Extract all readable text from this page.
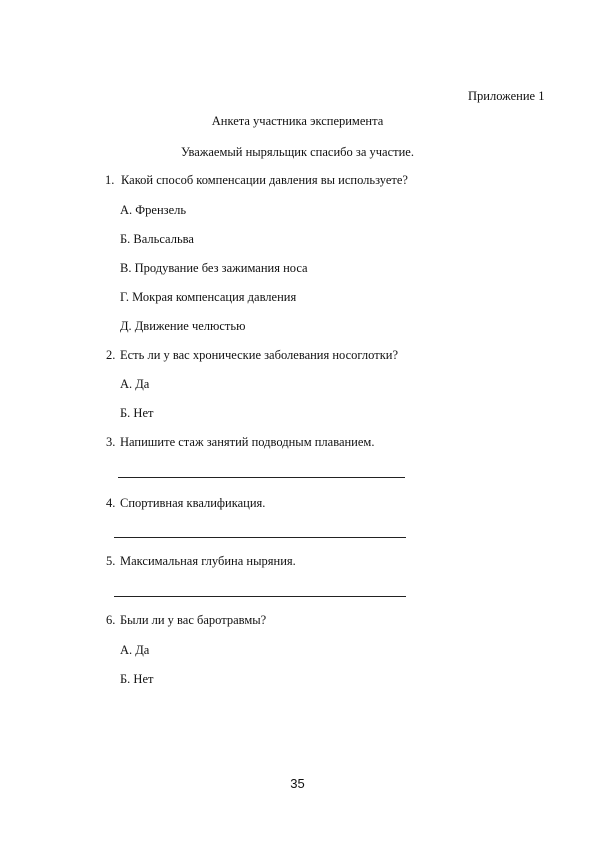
Приложение 1
Анкета участника эксперимента
Уважаемый ныряльщик спасибо за участие.
1. Какой способ компенсации давления вы используете?
А. Френзель
Б. Вальсальва
В. Продувание без зажимания носа
Г. Мокрая компенсация давления
Д. Движение челюстью
2. Есть ли у вас хронические заболевания носоглотки?
А. Да
Б. Нет
3. Напишите стаж занятий подводным плаванием.
4. Спортивная квалификация.
5. Максимальная глубина ныряния.
6. Были ли у вас баротравмы?
А. Да
Б. Нет
35
